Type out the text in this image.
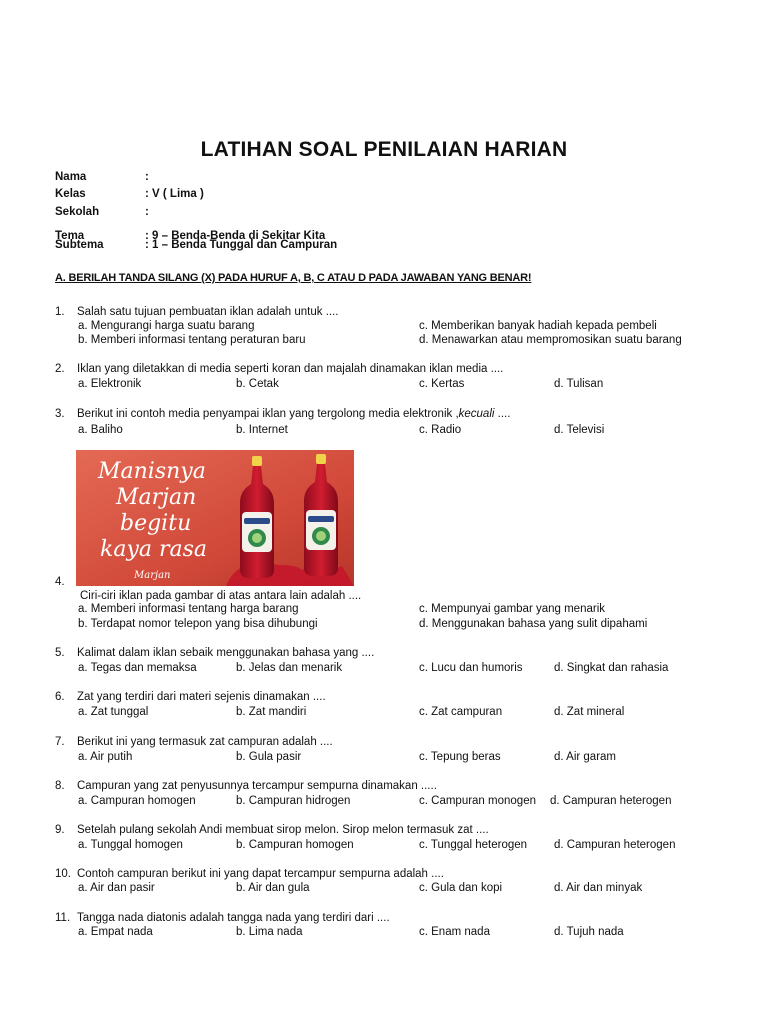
LATIHAN SOAL PENILAIAN HARIAN
Nama	:
Kelas	: V ( Lima )
Sekolah	:
Tema	: 9 – Benda-Benda di Sekitar Kita
Subtema	: 1 – Benda Tunggal dan Campuran
A. BERILAH TANDA SILANG (X) PADA HURUF A, B, C ATAU D PADA JAWABAN YANG BENAR!
1. Salah satu tujuan pembuatan iklan adalah untuk ....
a. Mengurangi harga suatu barang
b. Memberi informasi tentang peraturan baru
c. Memberikan banyak hadiah kepada pembeli
d. Menawarkan atau mempromosikan suatu barang
2. Iklan yang diletakkan di media seperti koran dan majalah dinamakan iklan media ....
a. Elektronik	b. Cetak	c. Kertas	d. Tulisan
3. Berikut ini contoh media penyampai iklan yang tergolong media elektronik ,kecuali ....
a. Baliho	b. Internet	c. Radio	d. Televisi
Manisnya
Marjan
begitu
kaya rasa
Marjan
4.
Ciri-ciri iklan pada gambar di atas antara lain adalah ....
a. Memberi informasi tentang harga barang
b. Terdapat nomor telepon yang bisa dihubungi
c. Mempunyai gambar yang menarik
d. Menggunakan bahasa yang sulit dipahami
5. Kalimat dalam iklan sebaik menggunakan bahasa yang ....
a. Tegas dan memaksa	b. Jelas dan menarik	c. Lucu dan humoris	d. Singkat dan rahasia
6. Zat yang terdiri dari materi sejenis dinamakan ....
a. Zat tunggal	b. Zat mandiri	c. Zat campuran	d. Zat mineral
7. Berikut ini yang termasuk zat campuran adalah ....
a. Air putih	b. Gula pasir	c. Tepung beras	d. Air garam
8. Campuran yang zat penyusunnya tercampur sempurna dinamakan .....
a. Campuran homogen	b. Campuran hidrogen	c. Campuran monogen d. Campuran heterogen
9. Setelah pulang sekolah Andi membuat sirop melon. Sirop melon termasuk zat ....
a. Tunggal homogen	b. Campuran homogen	c. Tunggal heterogen d. Campuran heterogen
10. Contoh campuran berikut ini yang dapat tercampur sempurna adalah ....
a. Air dan pasir	b. Air dan gula	c. Gula dan kopi	d. Air dan minyak
11. Tangga nada diatonis adalah tangga nada yang terdiri dari ....
a. Empat nada	b. Lima nada	c. Enam nada	d. Tujuh nada
